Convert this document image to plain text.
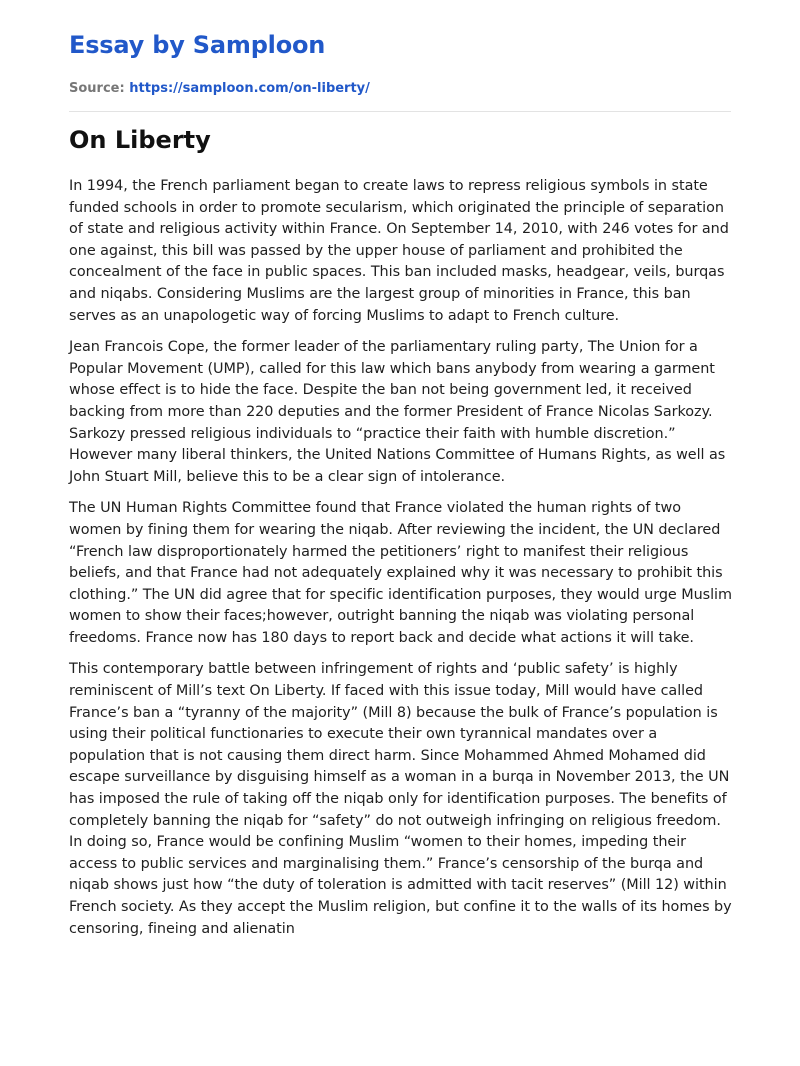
Essay by Samploon
Source: https://samploon.com/on-liberty/
On Liberty

In 1994, the French parliament began to create laws to repress religious symbols in state funded schools in order to promote secularism, which originated the principle of separation of state and religious activity within France. On September 14, 2010, with 246 votes for and one against, this bill was passed by the upper house of parliament and prohibited the concealment of the face in public spaces. This ban included masks, headgear, veils, burqas and niqabs. Considering Muslims are the largest group of minorities in France, this ban serves as an unapologetic way of forcing Muslims to adapt to French culture.

Jean Francois Cope, the former leader of the parliamentary ruling party, The Union for a Popular Movement (UMP), called for this law which bans anybody from wearing a garment whose effect is to hide the face. Despite the ban not being government led, it received backing from more than 220 deputies and the former President of France Nicolas Sarkozy. Sarkozy pressed religious individuals to “practice their faith with humble discretion.” However many liberal thinkers, the United Nations Committee of Humans Rights, as well as John Stuart Mill, believe this to be a clear sign of intolerance.

The UN Human Rights Committee found that France violated the human rights of two women by fining them for wearing the niqab. After reviewing the incident, the UN declared “French law disproportionately harmed the petitioners’ right to manifest their religious beliefs, and that France had not adequately explained why it was necessary to prohibit this clothing.” The UN did agree that for specific identification purposes, they would urge Muslim women to show their faces;however, outright banning the niqab was violating personal freedoms. France now has 180 days to report back and decide what actions it will take.

This contemporary battle between infringement of rights and ‘public safety’ is highly reminiscent of Mill’s text On Liberty. If faced with this issue today, Mill would have called France’s ban a “tyranny of the majority” (Mill 8) because the bulk of France’s population is using their political functionaries to execute their own tyrannical mandates over a population that is not causing them direct harm. Since Mohammed Ahmed Mohamed did escape surveillance by disguising himself as a woman in a burqa in November 2013, the UN has imposed the rule of taking off the niqab only for identification purposes. The benefits of completely banning the niqab for “safety” do not outweigh infringing on religious freedom. In doing so, France would be confining Muslim “women to their homes, impeding their access to public services and marginalising them.” France’s censorship of the burqa and niqab shows just how “the duty of toleration is admitted with tacit reserves” (Mill 12) within French society. As they accept the Muslim religion, but confine it to the walls of its homes by censoring, fineing and alienatin
